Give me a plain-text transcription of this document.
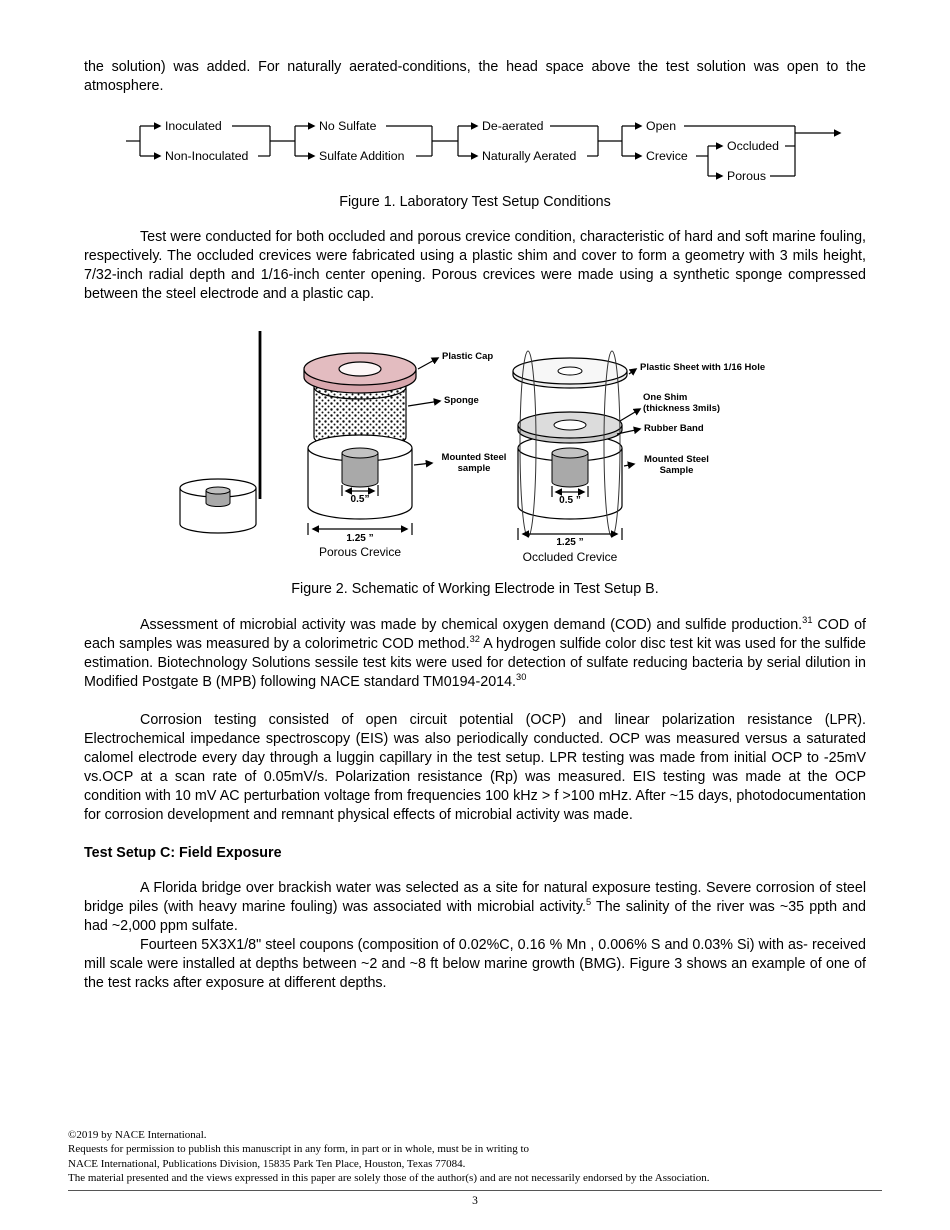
the solution) was added. For naturally aerated-conditions, the head space above the test solution was open to the atmosphere.

Inoculated
Non-Inoculated
No Sulfate
Sulfate Addition
De-aerated
Naturally Aerated
Open
Crevice
Occluded
Porous

Figure 1. Laboratory Test Setup Conditions

Test were conducted for both occluded and porous crevice condition, characteristic of hard and soft marine fouling, respectively. The occluded crevices were fabricated using a plastic shim and cover to form a geometry with 3 mils height, 7/32-inch radial depth and 1/16-inch center opening. Porous crevices were made using a synthetic sponge compressed between the steel electrode and a plastic cap.

Plastic Cap
Sponge
Mounted Steel sample
0.5”
1.25 ”
Porous Crevice
Plastic Sheet with 1/16 Hole
One Shim (thickness 3mils)
Rubber Band
Mounted Steel Sample
0.5 ”
1.25 ”
Occluded Crevice

Figure 2. Schematic of Working Electrode in Test Setup B.

Assessment of microbial activity was made by chemical oxygen demand (COD) and sulfide production.$^{31}$ COD of each samples was measured by a colorimetric COD method.$^{32}$ A hydrogen sulfide color disc test kit was used for the sulfide estimation. Biotechnology Solutions sessile test kits were used for detection of sulfate reducing bacteria by serial dilution in Modified Postgate B (MPB) following NACE standard TM0194-2014.30

Corrosion testing consisted of open circuit potential (OCP) and linear polarization resistance (LPR). Electrochemical impedance spectroscopy (EIS) was also periodically conducted. OCP was measured versus a saturated calomel electrode every day through a luggin capillary in the test setup. LPR testing was made from initial OCP to -25mV vs.OCP at a scan rate of 0.05mV/s. Polarization resistance (Rp) was measured. EIS testing was made at the OCP condition with 10 mV AC perturbation voltage from frequencies 100 kHz > f >100 mHz. After ~15 days, photodocumentation for corrosion development and remnant physical effects of microbial activity was made.

Test Setup C: Field Exposure

A Florida bridge over brackish water was selected as a site for natural exposure testing. Severe corrosion of steel bridge piles (with heavy marine fouling) was associated with microbial activity.$^5$ The salinity of the river was ~35 ppth and had ~2,000 ppm sulfate.

Fourteen 5X3X1/8" steel coupons (composition of 0.02%C, 0.16 % Mn , 0.006% S and 0.03% Si) with as- received mill scale were installed at depths between ~2 and ~8 ft below marine growth (BMG). Figure 3 shows an example of one of the test racks after exposure at different depths.

©2019 by NACE International.
Requests for permission to publish this manuscript in any form, in part or in whole, must be in writing to
NACE International, Publications Division, 15835 Park Ten Place, Houston, Texas 77084.
The material presented and the views expressed in this paper are solely those of the author(s) and are not necessarily endorsed by the Association.
3
